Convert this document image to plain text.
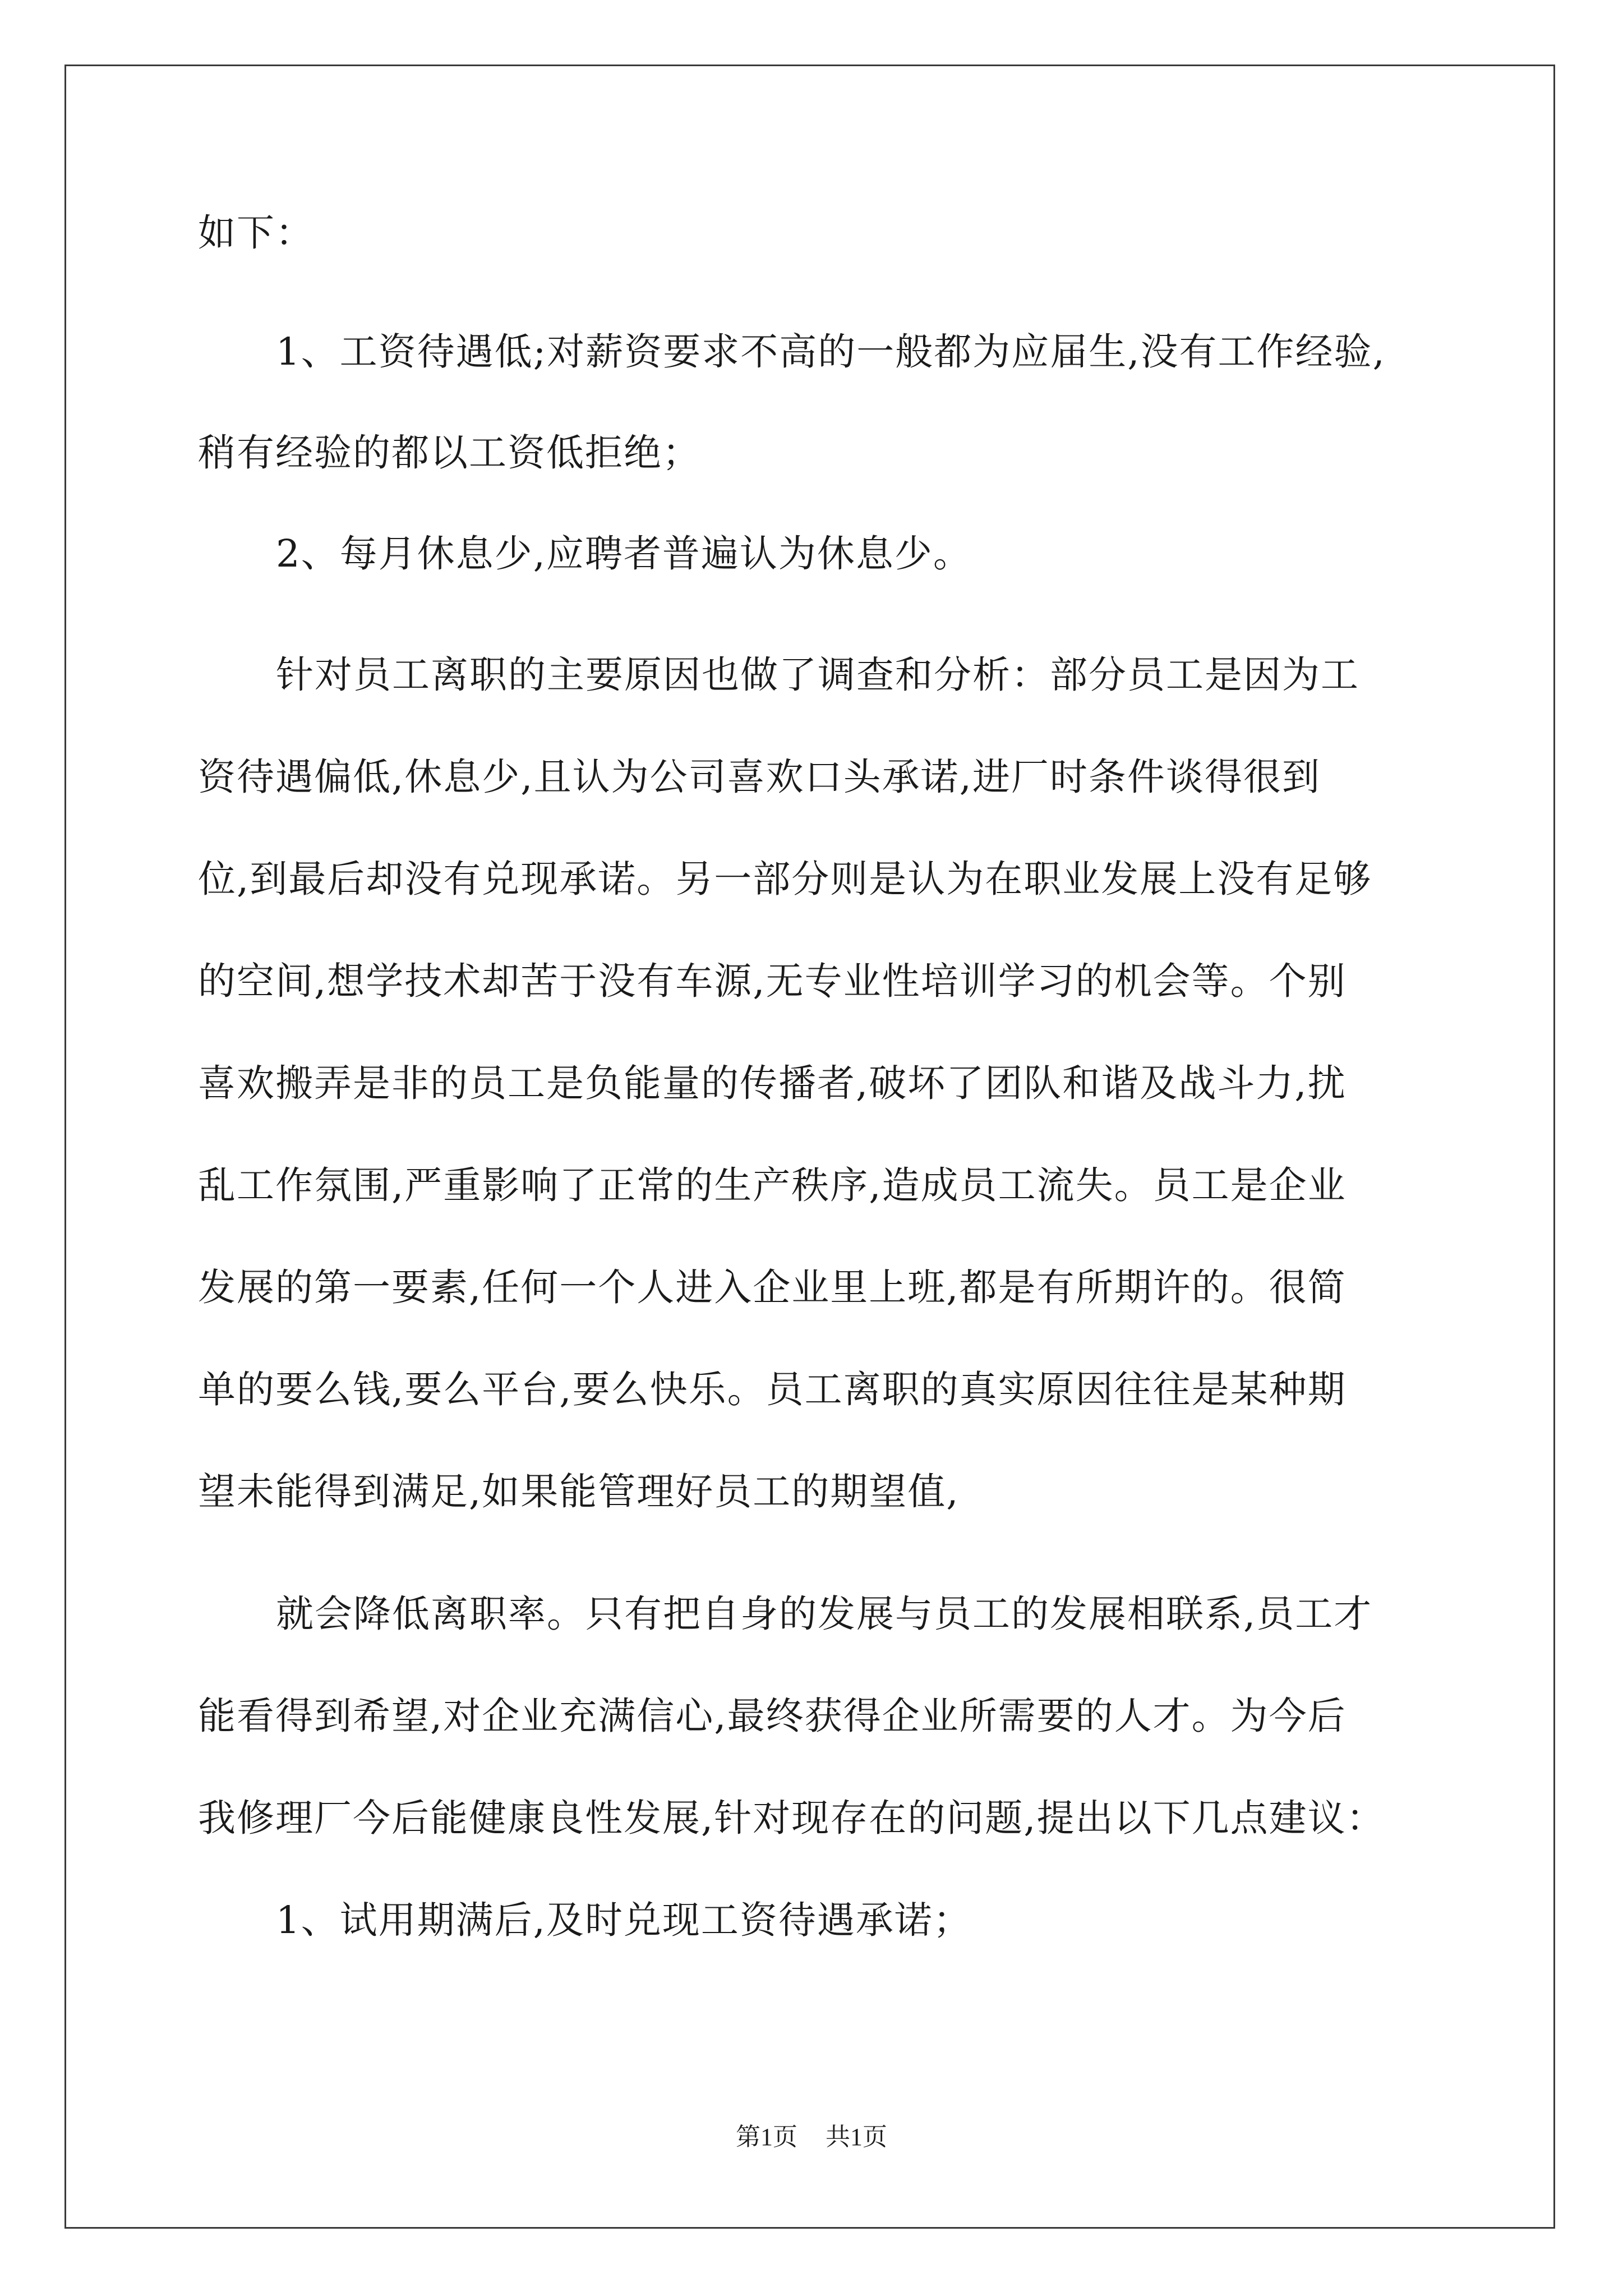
如下：
1、工资待遇低;对薪资要求不高的一般都为应届生,没有工作经验,
稍有经验的都以工资低拒绝；
2、每月休息少,应聘者普遍认为休息少。
针对员工离职的主要原因也做了调查和分析：部分员工是因为工
资待遇偏低,休息少,且认为公司喜欢口头承诺,进厂时条件谈得很到
位,到最后却没有兑现承诺。另一部分则是认为在职业发展上没有足够
的空间,想学技术却苦于没有车源,无专业性培训学习的机会等。个别
喜欢搬弄是非的员工是负能量的传播者,破坏了团队和谐及战斗力,扰
乱工作氛围,严重影响了正常的生产秩序,造成员工流失。员工是企业
发展的第一要素,任何一个人进入企业里上班,都是有所期许的。很简
单的要么钱,要么平台,要么快乐。员工离职的真实原因往往是某种期
望未能得到满足,如果能管理好员工的期望值,
就会降低离职率。只有把自身的发展与员工的发展相联系,员工才
能看得到希望,对企业充满信心,最终获得企业所需要的人才。为今后
我修理厂今后能健康良性发展,针对现存在的问题,提出以下几点建议：
1、试用期满后,及时兑现工资待遇承诺；
第1页 共1页
